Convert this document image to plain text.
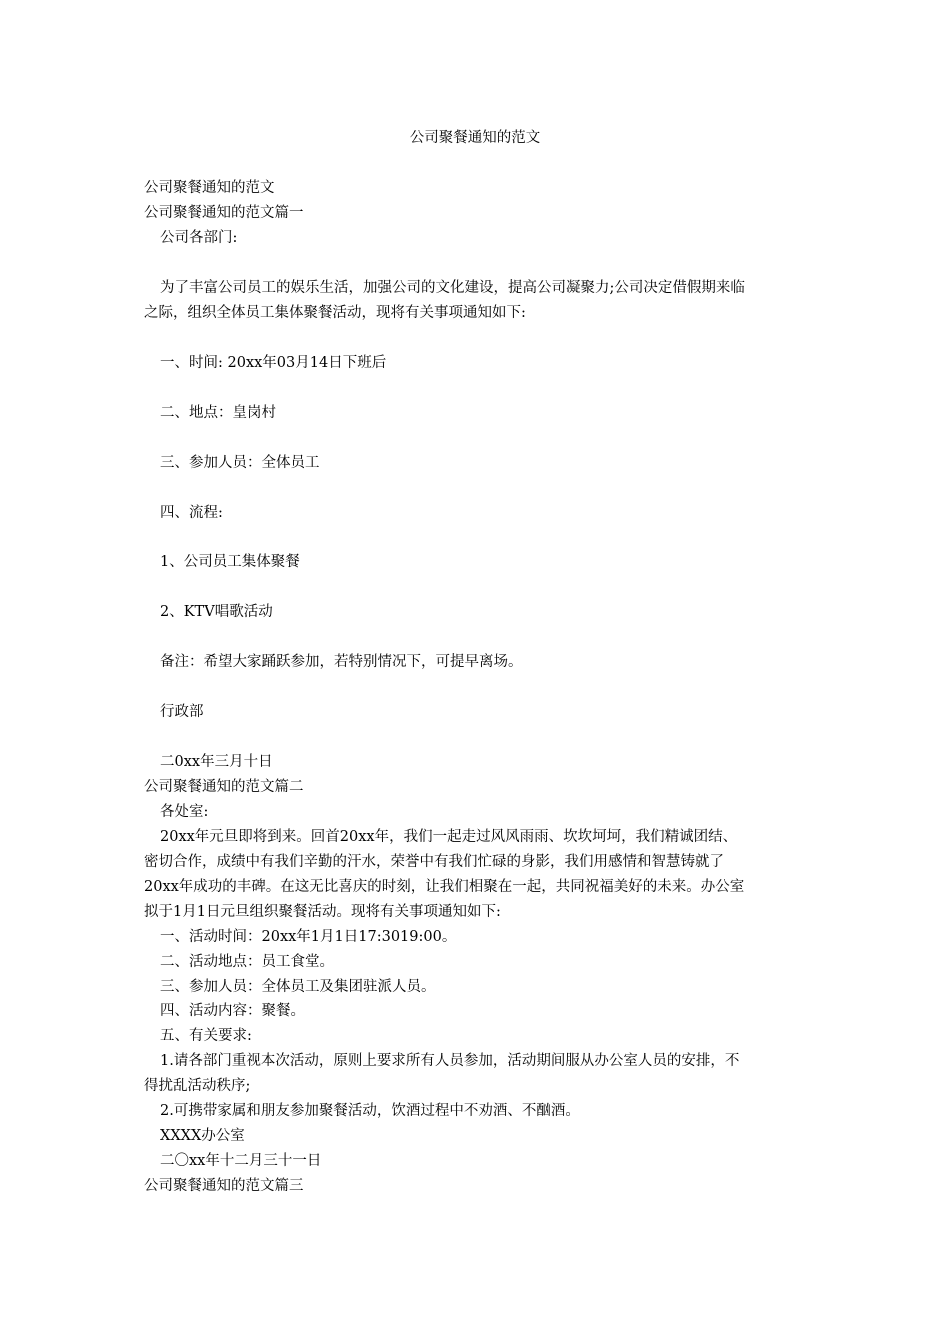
公司聚餐通知的范文
公司聚餐通知的范文
公司聚餐通知的范文篇一
公司各部门:
为了丰富公司员工的娱乐生活，加强公司的文化建设，提高公司凝聚力;公司决定借假期来临
之际，组织全体员工集体聚餐活动，现将有关事项通知如下:
一、时间: 20xx年03月14日下班后
二、地点：皇岗村
三、参加人员：全体员工
四、流程:
1、公司员工集体聚餐
2、KTV唱歌活动
备注：希望大家踊跃参加，若特别情况下，可提早离场。
行政部
二0xx年三月十日
公司聚餐通知的范文篇二
各处室:
20xx年元旦即将到来。回首20xx年，我们一起走过风风雨雨、坎坎坷坷，我们精诚团结、
密切合作，成绩中有我们辛勤的汗水，荣誉中有我们忙碌的身影，我们用感情和智慧铸就了
20xx年成功的丰碑。在这无比喜庆的时刻，让我们相聚在一起，共同祝福美好的未来。办公室
拟于1月1日元旦组织聚餐活动。现将有关事项通知如下:
一、活动时间：20xx年1月1日17:3019:00。
二、活动地点：员工食堂。
三、参加人员：全体员工及集团驻派人员。
四、活动内容：聚餐。
五、有关要求:
1.请各部门重视本次活动，原则上要求所有人员参加，活动期间服从办公室人员的安排，不
得扰乱活动秩序;
2.可携带家属和朋友参加聚餐活动，饮酒过程中不劝酒、不酗酒。
XXXX办公室
二〇xx年十二月三十一日
公司聚餐通知的范文篇三
